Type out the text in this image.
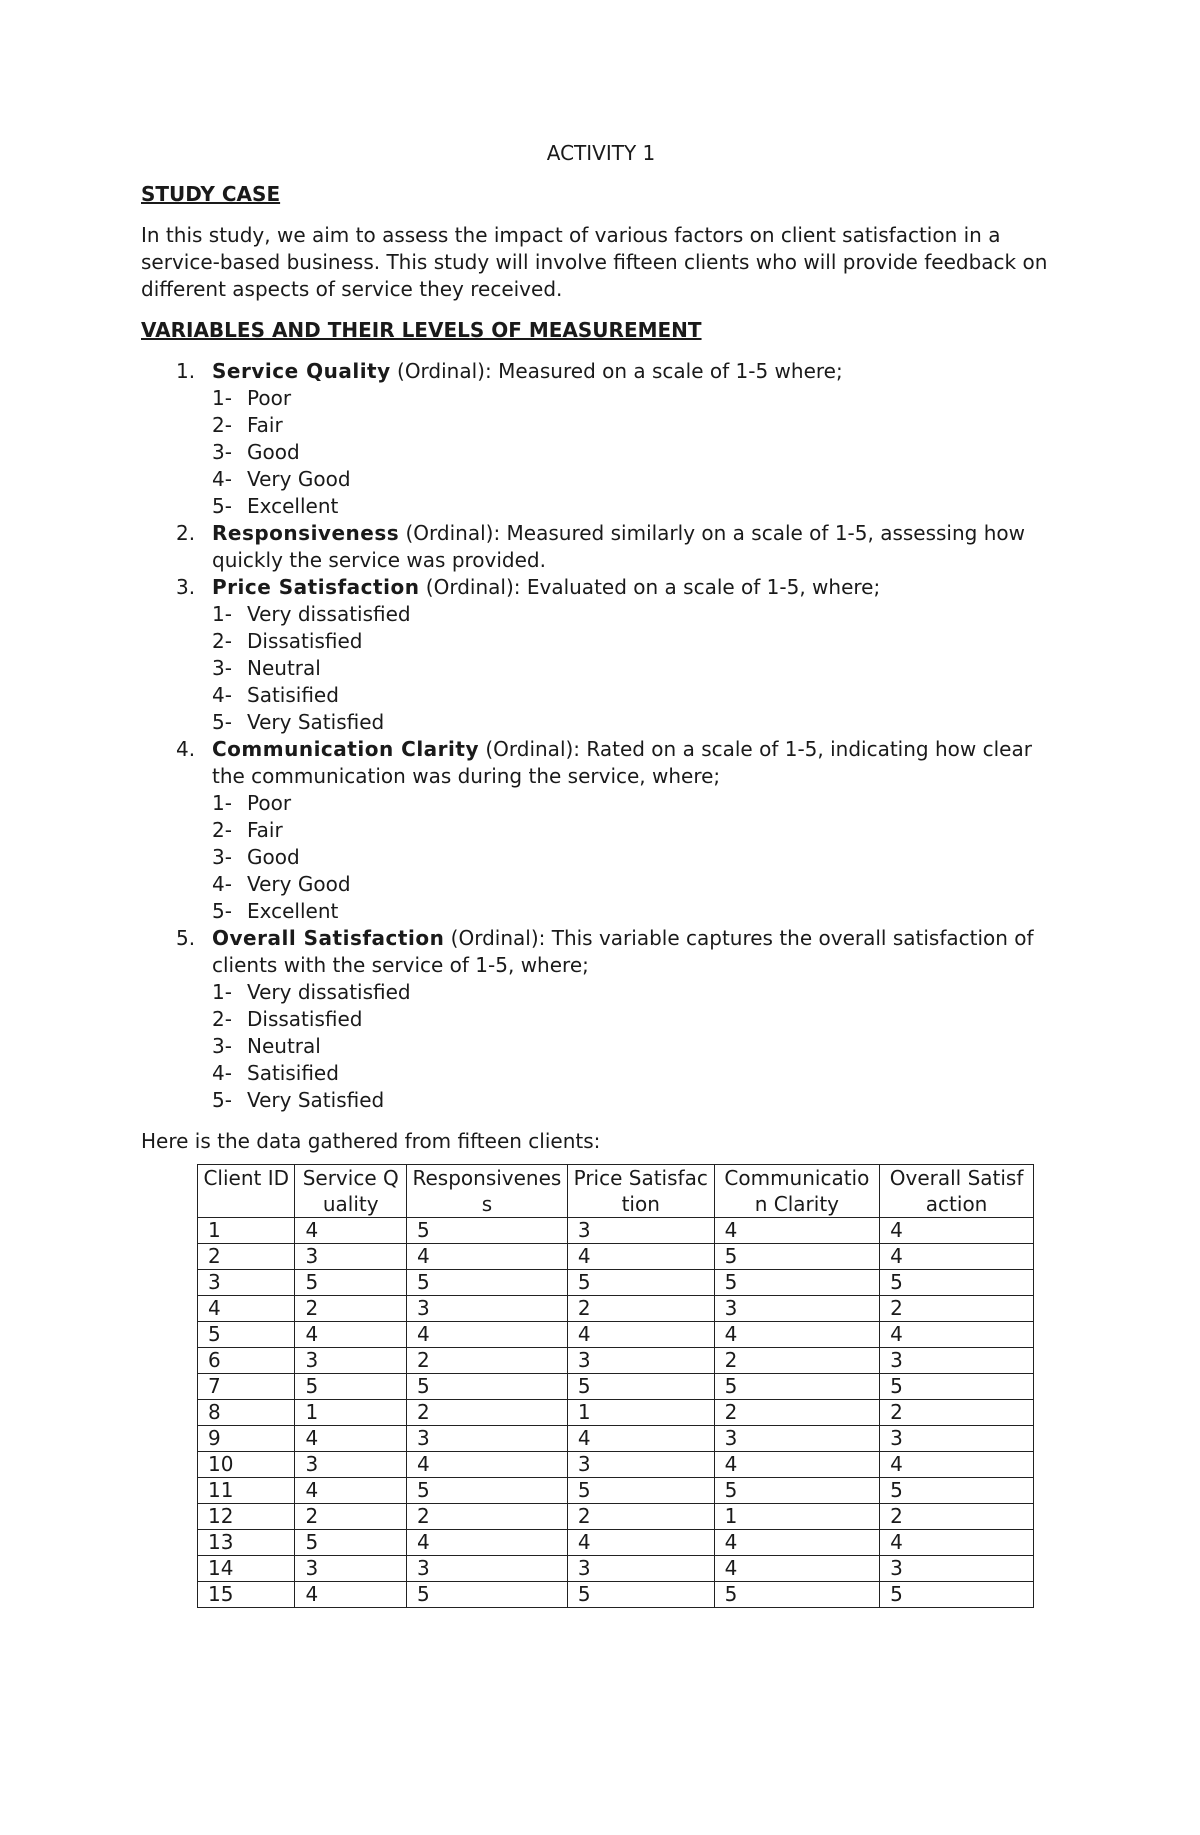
ACTIVITY 1
STUDY CASE
In this study, we aim to assess the impact of various factors on client satisfaction in a service-based business. This study will involve fifteen clients who will provide feedback on different aspects of service they received.
VARIABLES AND THEIR LEVELS OF MEASUREMENT
1. Service Quality (Ordinal): Measured on a scale of 1-5 where;
1- Poor
2- Fair
3- Good
4- Very Good
5- Excellent
2. Responsiveness (Ordinal): Measured similarly on a scale of 1-5, assessing how quickly the service was provided.
3. Price Satisfaction (Ordinal): Evaluated on a scale of 1-5, where;
1- Very dissatisfied
2- Dissatisfied
3- Neutral
4- Satisified
5- Very Satisfied
4. Communication Clarity (Ordinal): Rated on a scale of 1-5, indicating how clear the communication was during the service, where;
1- Poor
2- Fair
3- Good
4- Very Good
5- Excellent
5. Overall Satisfaction (Ordinal): This variable captures the overall satisfaction of clients with the service of 1-5, where;
1- Very dissatisfied
2- Dissatisfied
3- Neutral
4- Satisified
5- Very Satisfied
Here is the data gathered from fifteen clients:
Client ID	Service Quality	Responsiveness	Price Satisfaction	Communication Clarity	Overall Satisfaction
1	4	5	3	4	4
2	3	4	4	5	4
3	5	5	5	5	5
4	2	3	2	3	2
5	4	4	4	4	4
6	3	2	3	2	3
7	5	5	5	5	5
8	1	2	1	2	2
9	4	3	4	3	3
10	3	4	3	4	4
11	4	5	5	5	5
12	2	2	2	1	2
13	5	4	4	4	4
14	3	3	3	4	3
15	4	5	5	5	5
